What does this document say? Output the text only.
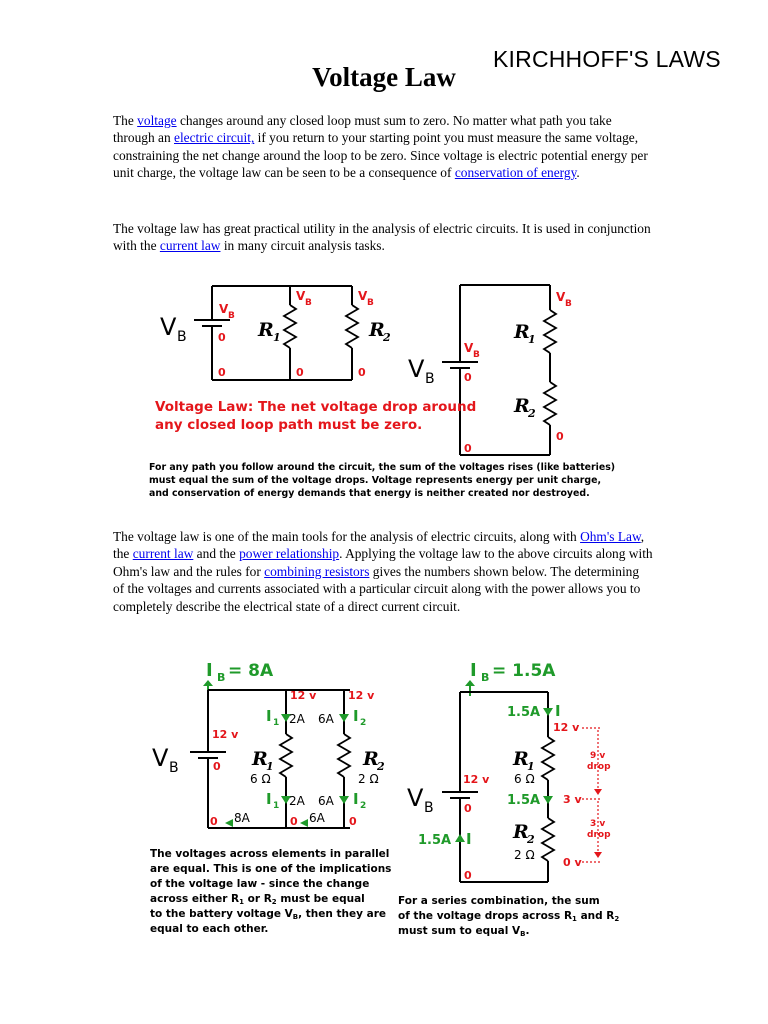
KIRCHHOFF'S LAWS
Voltage Law

The voltage changes around any closed loop must sum to zero. No matter what path you take through an electric circuit, if you return to your starting point you must measure the same voltage, constraining the net change around the loop to be zero. Since voltage is electric potential energy per unit charge, the voltage law can be seen to be a consequence of conservation of energy.

The voltage law has great practical utility in the analysis of electric circuits. It is used in conjunction with the current law in many circuit analysis tasks.

V B
V B
0
V B	V B
0	0	0
R 1	R
2
V B
V B
0
V B
0
0
R
1
R
2
Voltage Law: The net voltage drop around
any closed loop path must be zero.
For any path you follow around the circuit, the sum of the voltages rises (like batteries)
must equal the sum of the voltage drops. Voltage represents energy per unit charge,
and conservation of energy demands that energy is neither created nor destroyed.

The voltage law is one of the main tools for the analysis of electric circuits, along with Ohm's Law, the current law and the power relationship. Applying the voltage law to the above circuits along with Ohm's law and the rules for combining resistors gives the numbers shown below. The determining of the voltages and currents associated with a particular circuit along with the power allows you to completely describe the electrical state of a direct current circuit.

I B = 8A
V B
12 v
0
12 v	12 v
I 1 2A 6A I 2
R
1
6 Ω
R
2
2 Ω
I 1 2A 6A I 2
0 8A	0 6A 0
The voltages across elements in parallel
are equal. This is one of the implications
of the voltage law - since the change
across either R1 or R2 must be equal
to the battery voltage VB, then they are
equal to each other.
I B = 1.5A
V B
12 v
0
0
1.5A I
12 v
9 v
drop
R
1
6 Ω
1.5A 3 v
3 v
drop
R
2
2 Ω
0 v
1.5A I
For a series combination, the sum
of the voltage drops across R1 and R2
must sum to equal VB.
